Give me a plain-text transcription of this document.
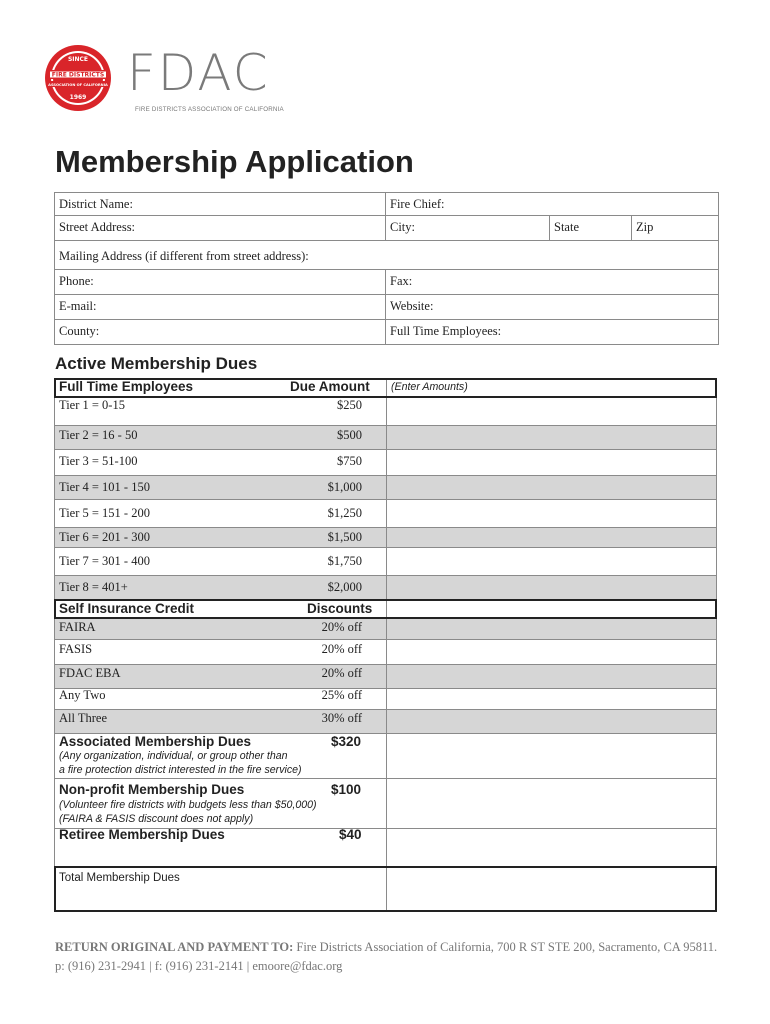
FIRE DISTRICTS
ASSOCIATION OF CALIFORNIA
SINCE
1969 FDAC
FIRE DISTRICTS ASSOCIATION OF CALIFORNIA
Membership Application
District Name:	Fire Chief:
Street Address:	City:	State	Zip
Mailing Address (if different from street address):
Phone:	Fax:
E-mail:	Website:
County:	Full Time Employees:
Active Membership Dues
Full Time Employees	Due Amount (Enter Amounts)
Tier 1 = 0-15	$250
Tier 2 = 16 - 50	$500
Tier 3 = 51-100	$750
Tier 4 = 101 - 150	$1,000
Tier 5 = 151 - 200	$1,250
Tier 6 = 201 - 300	$1,500
Tier 7 = 301 - 400	$1,750
Tier 8 = 401+	$2,000
Self Insurance Credit	Discounts
FAIRA	20% off
FASIS	20% off
FDAC EBA	20% off
Any Two	25% off
All Three	30% off
Associated Membership Dues	$320
(Any organization, individual, or group other than
a fire protection district interested in the fire service)
Non-profit Membership Dues	$100
(Volunteer fire districts with budgets less than $50,000)
(FAIRA & FASIS discount does not apply)
Retiree Membership Dues	$40
Total Membership Dues
RETURN ORIGINAL AND PAYMENT TO: Fire Districts Association of California, 700 R ST STE 200, Sacramento, CA 95811.
p: (916) 231-2941 | f: (916) 231-2141 | emoore@fdac.org
